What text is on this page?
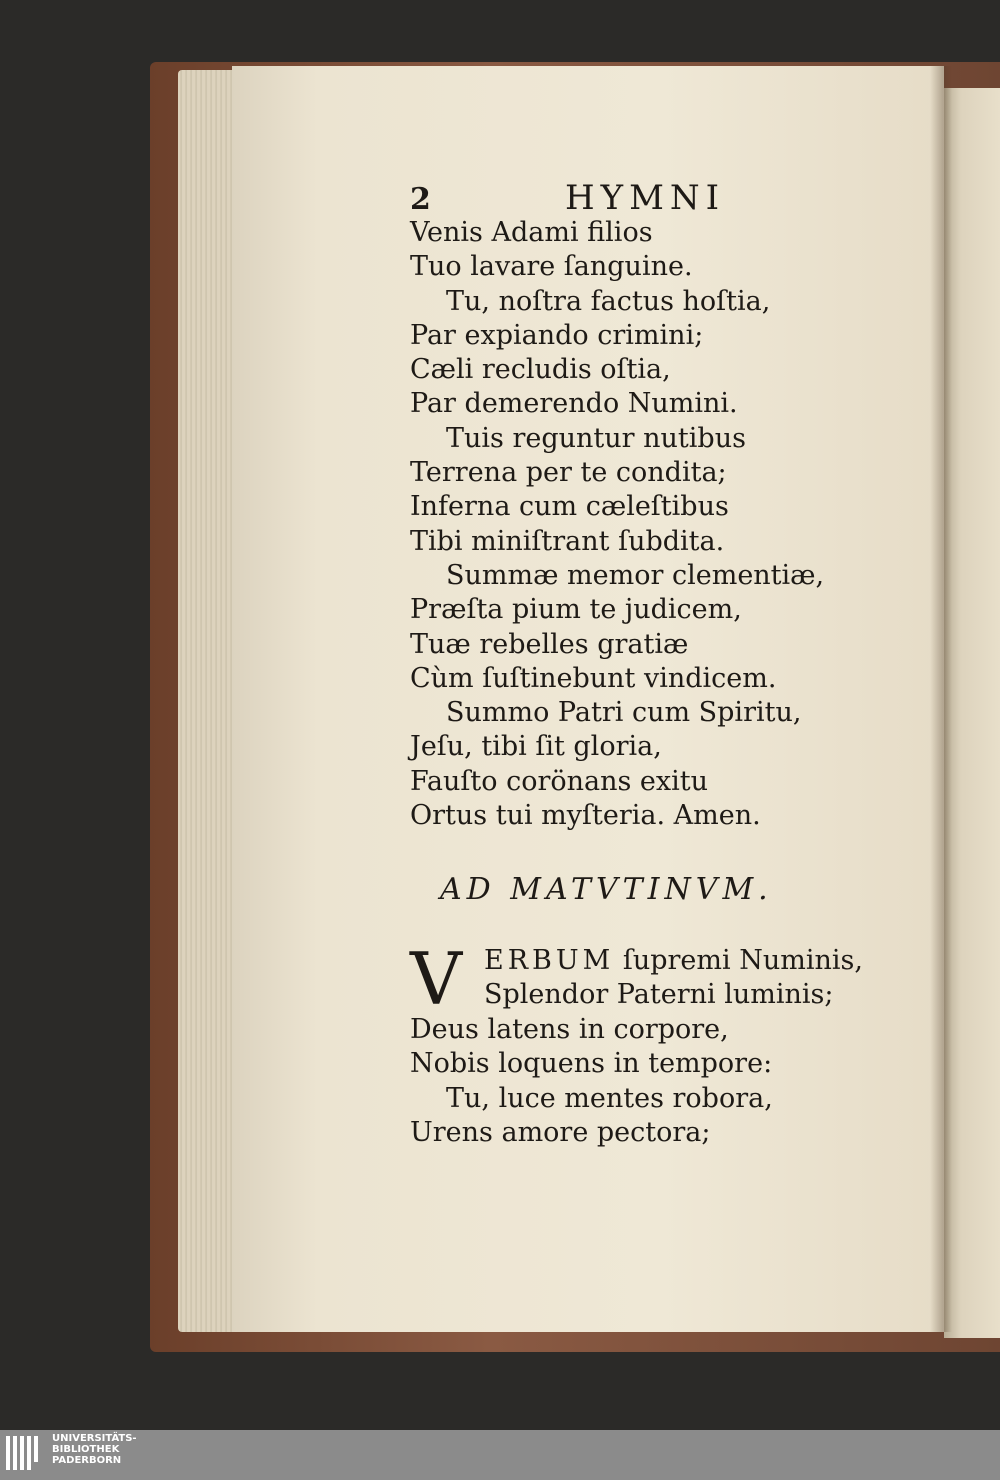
2	HYMNI
Venis Adami filios
Tuo lavare ſanguine.
Tu, noſtra factus hoſtia,
Par expiando crimini;
Cæli recludis oſtia,
Par demerendo Numini.
Tuis reguntur nutibus
Terrena per te condita;
Inferna cum cæleſtibus
Tibi miniſtrant ſubdita.
Summæ memor clementiæ,
Præſta pium te judicem,
Tuæ rebelles gratiæ
Cùm ſuſtinebunt vindicem.
Summo Patri cum Spiritu,
Jeſu, tibi ſit gloria,
Fauſto corönans exitu
Ortus tui myſteria. Amen.
AD MATVTINVM.
V ERBUM ſupremi Numinis,
Splendor Paterni luminis;
Deus latens in corpore,
Nobis loquens in tempore:
Tu, luce mentes robora,
Urens amore pectora;
UNIVERSITÄTS-
BIBLIOTHEK
PADERBORN
